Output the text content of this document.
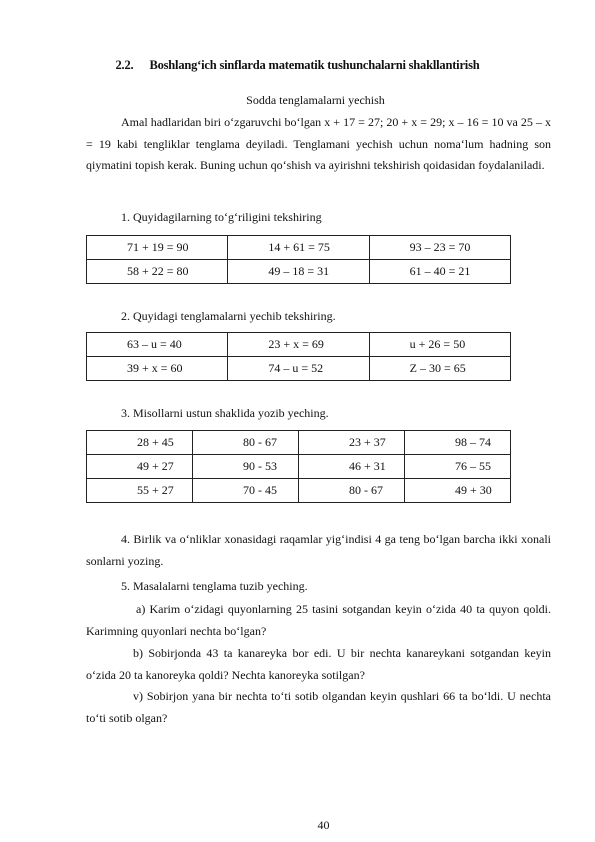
2.2. Boshlangʻich sinflarda matematik tushunchalarni shakllantirish
Sodda tenglamalarni yechish

Amal hadlaridan biri oʻzgaruvchi boʻlgan x + 17 = 27; 20 + x = 29; x – 16 = 10 va 25 – x = 19 kabi tengliklar tenglama deyiladi. Tenglamani yechish uchun nomaʻlum hadning son qiymatini topish kerak. Buning uchun qoʻshish va ayirishni tekshirish qoidasidan foydalaniladi.

1. Quyidagilarning toʻgʻriligini tekshiring
71 + 19 = 90	14 + 61 = 75	93 – 23 = 70
58 + 22 = 80	49 – 18 = 31	61 – 40 = 21
2. Quyidagi tenglamalarni yechib tekshiring.
63 – u = 40	23 + x = 69	u + 26 = 50
39 + x = 60	74 – u = 52	Z – 30 = 65
3. Misollarni ustun shaklida yozib yeching.
28 + 45	80 - 67	23 + 37	98 – 74
49 + 27	90 - 53	46 + 31	76 – 55
55 + 27	70 - 45	80 - 67	49 + 30

4. Birlik va oʻnliklar xonasidagi raqamlar yigʻindisi 4 ga teng boʻlgan barcha ikki xonali sonlarni yozing.

5. Masalalarni tenglama tuzib yeching.

a) Karim oʻzidagi quyonlarning 25 tasini sotgandan keyin oʻzida 40 ta quyon qoldi. Karimning quyonlari nechta boʻlgan?

b) Sobirjonda 43 ta kanareyka bor edi. U bir nechta kanareykani sotgandan keyin oʻzida 20 ta kanoreyka qoldi? Nechta kanoreyka sotilgan?

v) Sobirjon yana bir nechta toʻti sotib olgandan keyin qushlari 66 ta boʻldi. U nechta toʻti sotib olgan?

40
